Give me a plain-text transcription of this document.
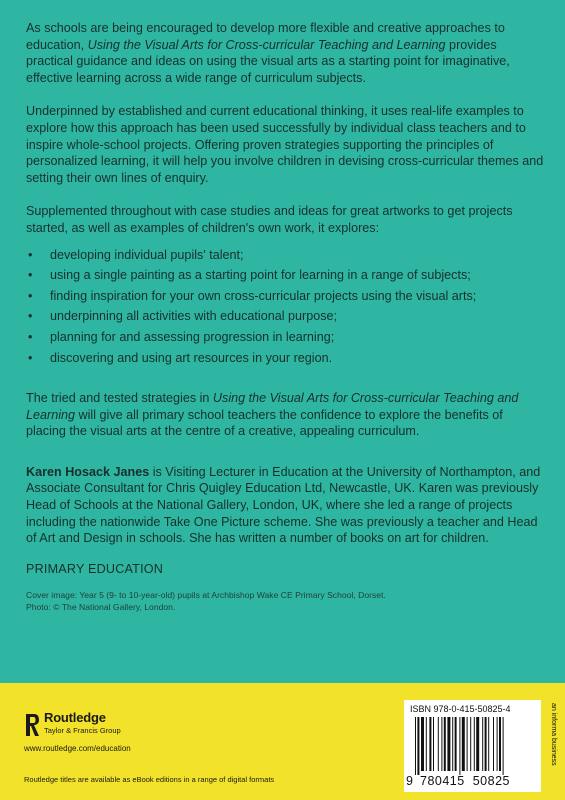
As schools are being encouraged to develop more flexible and creative approaches to education, Using the Visual Arts for Cross-curricular Teaching and Learning provides practical guidance and ideas on using the visual arts as a starting point for imaginative, effective learning across a wide range of curriculum subjects.

Underpinned by established and current educational thinking, it uses real-life examples to explore how this approach has been used successfully by individual class teachers and to inspire whole-school projects. Offering proven strategies supporting the principles of personalized learning, it will help you involve children in devising cross-curricular themes and setting their own lines of enquiry.

Supplemented throughout with case studies and ideas for great artworks to get projects started, as well as examples of children's own work, it explores:

• developing individual pupils' talent;
• using a single painting as a starting point for learning in a range of subjects;
• finding inspiration for your own cross-curricular projects using the visual arts;
• underpinning all activities with educational purpose;
• planning for and assessing progression in learning;
• discovering and using art resources in your region.

The tried and tested strategies in Using the Visual Arts for Cross-curricular Teaching and Learning will give all primary school teachers the confidence to explore the benefits of placing the visual arts at the centre of a creative, appealing curriculum.

Karen Hosack Janes is Visiting Lecturer in Education at the University of Northampton, and Associate Consultant for Chris Quigley Education Ltd, Newcastle, UK. Karen was previously Head of Schools at the National Gallery, London, UK, where she led a range of projects including the nationwide Take One Picture scheme. She was previously a teacher and Head of Art and Design in schools. She has written a number of books on art for children.

PRIMARY EDUCATION
Cover image: Year 5 (9- to 10-year-old) pupils at Archbishop Wake CE Primary School, Dorset.
Photo: © The National Gallery, London.
Routledge
Taylor & Francis Group
www.routledge.com/education
Routledge titles are available as eBook editions in a range of digital formats
ISBN 978-0-415-50825-4
9 780415 50825
an informa business
